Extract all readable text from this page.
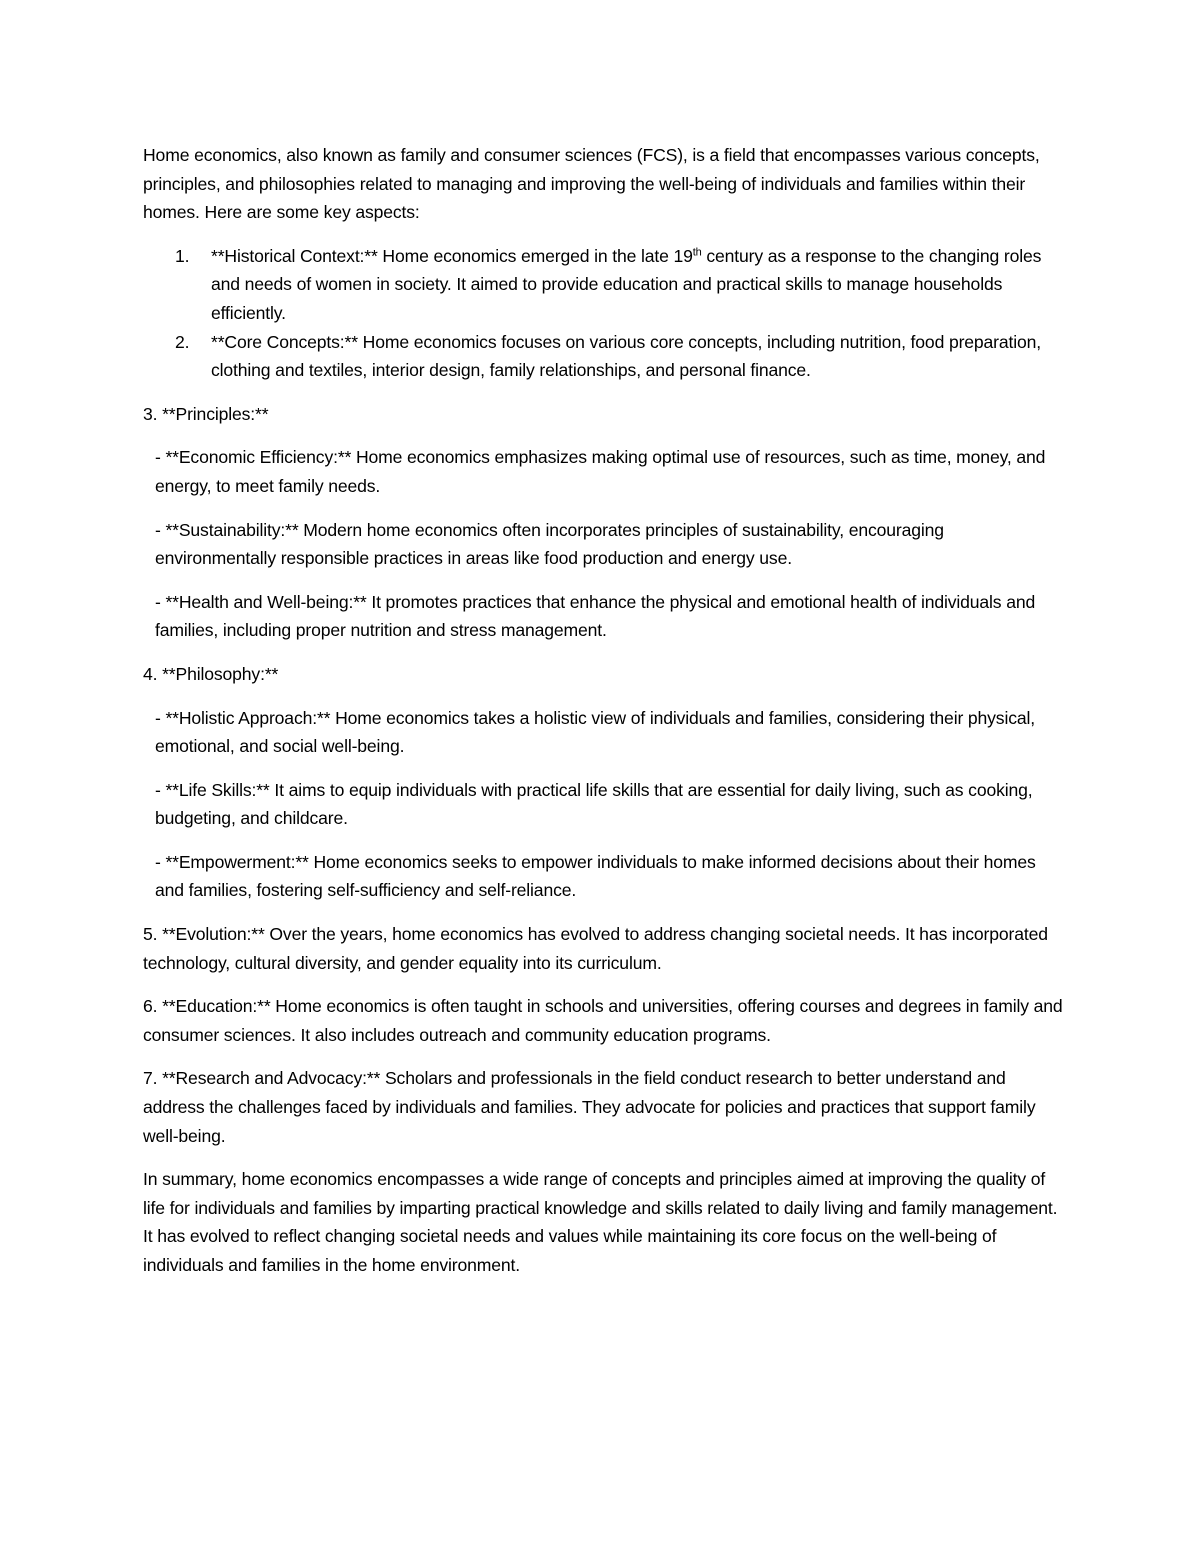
Home economics, also known as family and consumer sciences (FCS), is a field that encompasses various concepts, principles, and philosophies related to managing and improving the well-being of individuals and families within their homes. Here are some key aspects:

1. **Historical Context:** Home economics emerged in the late 19th century as a response to the changing roles and needs of women in society. It aimed to provide education and practical skills to manage households efficiently.
2. **Core Concepts:** Home economics focuses on various core concepts, including nutrition, food preparation, clothing and textiles, interior design, family relationships, and personal finance.

3. **Principles:**

- **Economic Efficiency:** Home economics emphasizes making optimal use of resources, such as time, money, and energy, to meet family needs.

- **Sustainability:** Modern home economics often incorporates principles of sustainability, encouraging environmentally responsible practices in areas like food production and energy use.

- **Health and Well-being:** It promotes practices that enhance the physical and emotional health of individuals and families, including proper nutrition and stress management.

4. **Philosophy:**

- **Holistic Approach:** Home economics takes a holistic view of individuals and families, considering their physical, emotional, and social well-being.

- **Life Skills:** It aims to equip individuals with practical life skills that are essential for daily living, such as cooking, budgeting, and childcare.

- **Empowerment:** Home economics seeks to empower individuals to make informed decisions about their homes and families, fostering self-sufficiency and self-reliance.

5. **Evolution:** Over the years, home economics has evolved to address changing societal needs. It has incorporated technology, cultural diversity, and gender equality into its curriculum.

6. **Education:** Home economics is often taught in schools and universities, offering courses and degrees in family and consumer sciences. It also includes outreach and community education programs.

7. **Research and Advocacy:** Scholars and professionals in the field conduct research to better understand and address the challenges faced by individuals and families. They advocate for policies and practices that support family well-being.

In summary, home economics encompasses a wide range of concepts and principles aimed at improving the quality of life for individuals and families by imparting practical knowledge and skills related to daily living and family management. It has evolved to reflect changing societal needs and values while maintaining its core focus on the well-being of individuals and families in the home environment.
